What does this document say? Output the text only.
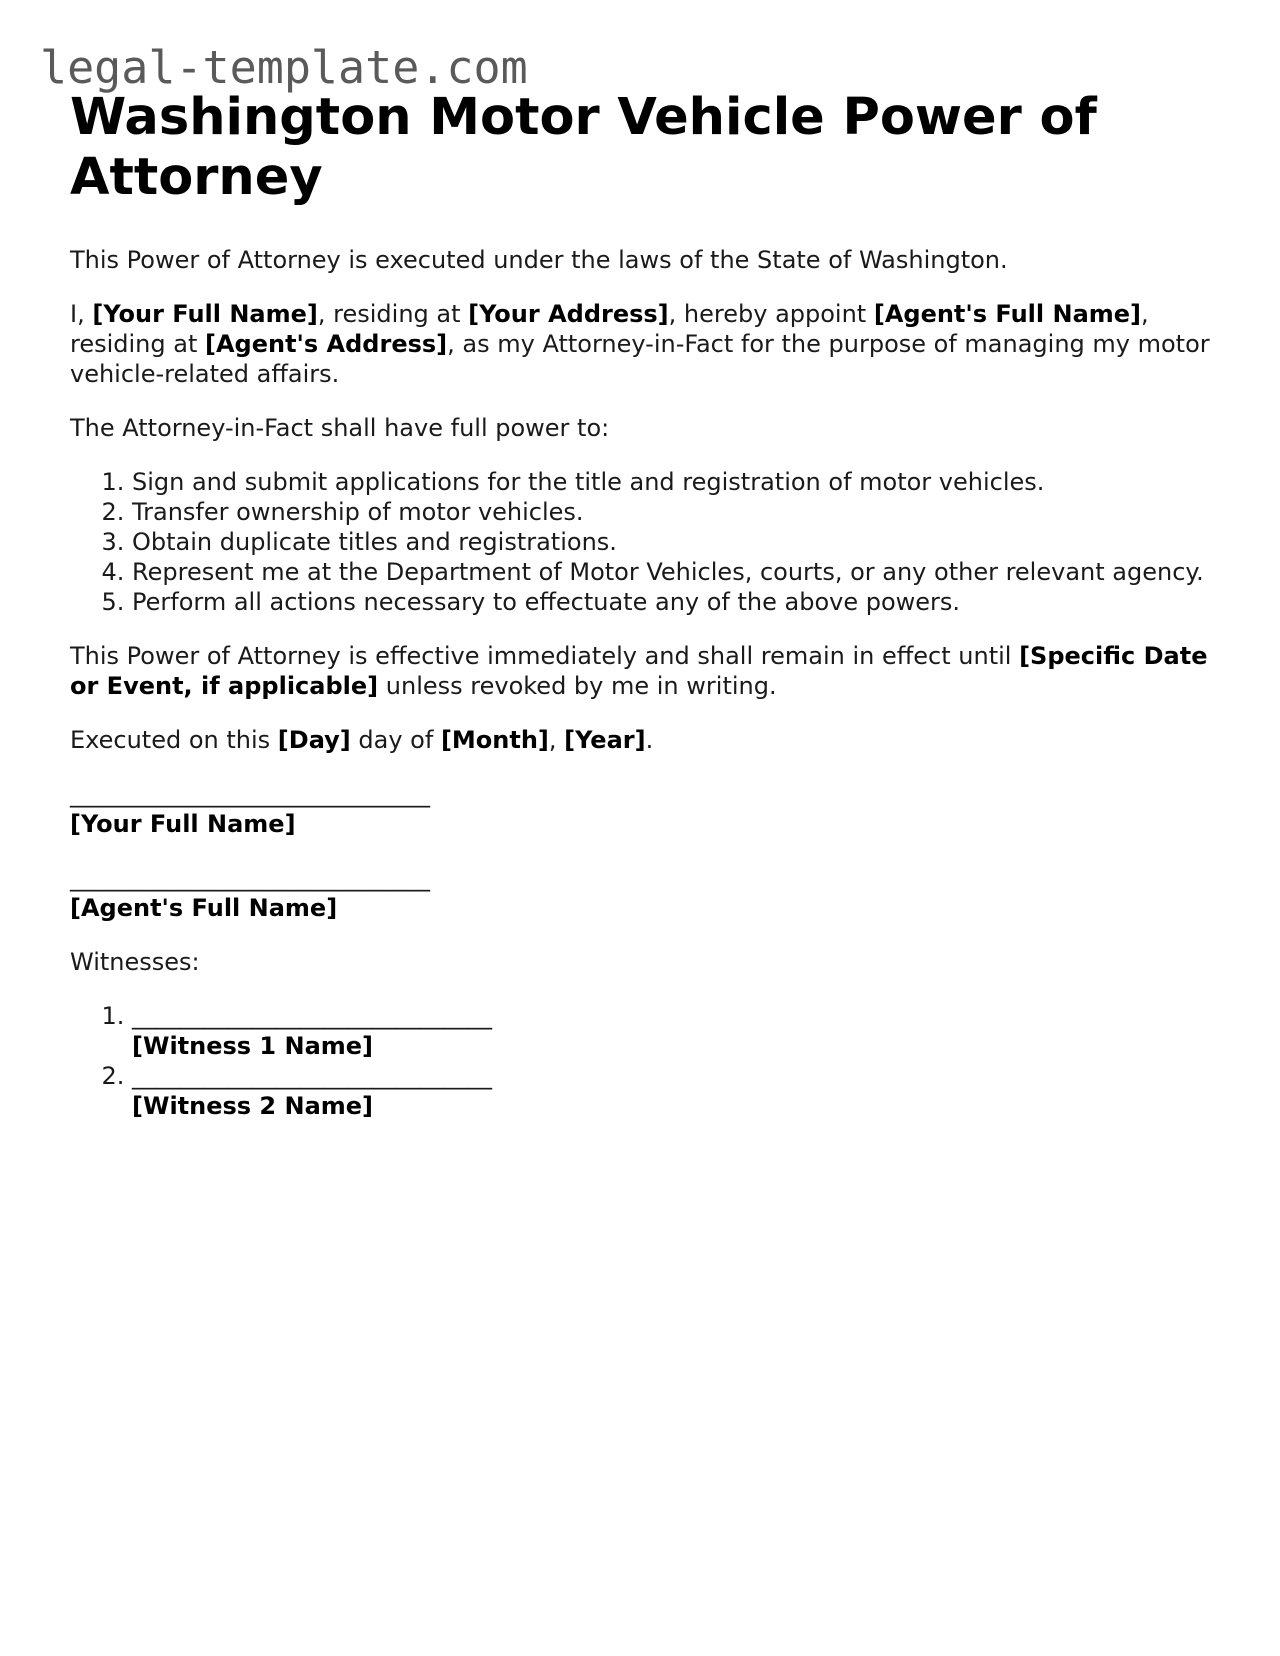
legal-template.com
Washington Motor Vehicle Power of Attorney

This Power of Attorney is executed under the laws of the State of Washington.

I, [Your Full Name], residing at [Your Address], hereby appoint [Agent's Full Name], residing at [Agent's Address], as my Attorney-in-Fact for the purpose of managing my motor vehicle-related affairs.

The Attorney-in-Fact shall have full power to:

1. Sign and submit applications for the title and registration of motor vehicles.
2. Transfer ownership of motor vehicles.
3. Obtain duplicate titles and registrations.
4. Represent me at the Department of Motor Vehicles, courts, or any other relevant agency.
5. Perform all actions necessary to effectuate any of the above powers.

This Power of Attorney is effective immediately and shall remain in effect until [Specific Date or Event, if applicable] unless revoked by me in writing.

Executed on this [Day] day of [Month], [Year].

______________________________
[Your Full Name]
______________________________
[Agent's Full Name]

Witnesses:

1. ______________________________
[Witness 1 Name]
2. ______________________________
[Witness 2 Name]
